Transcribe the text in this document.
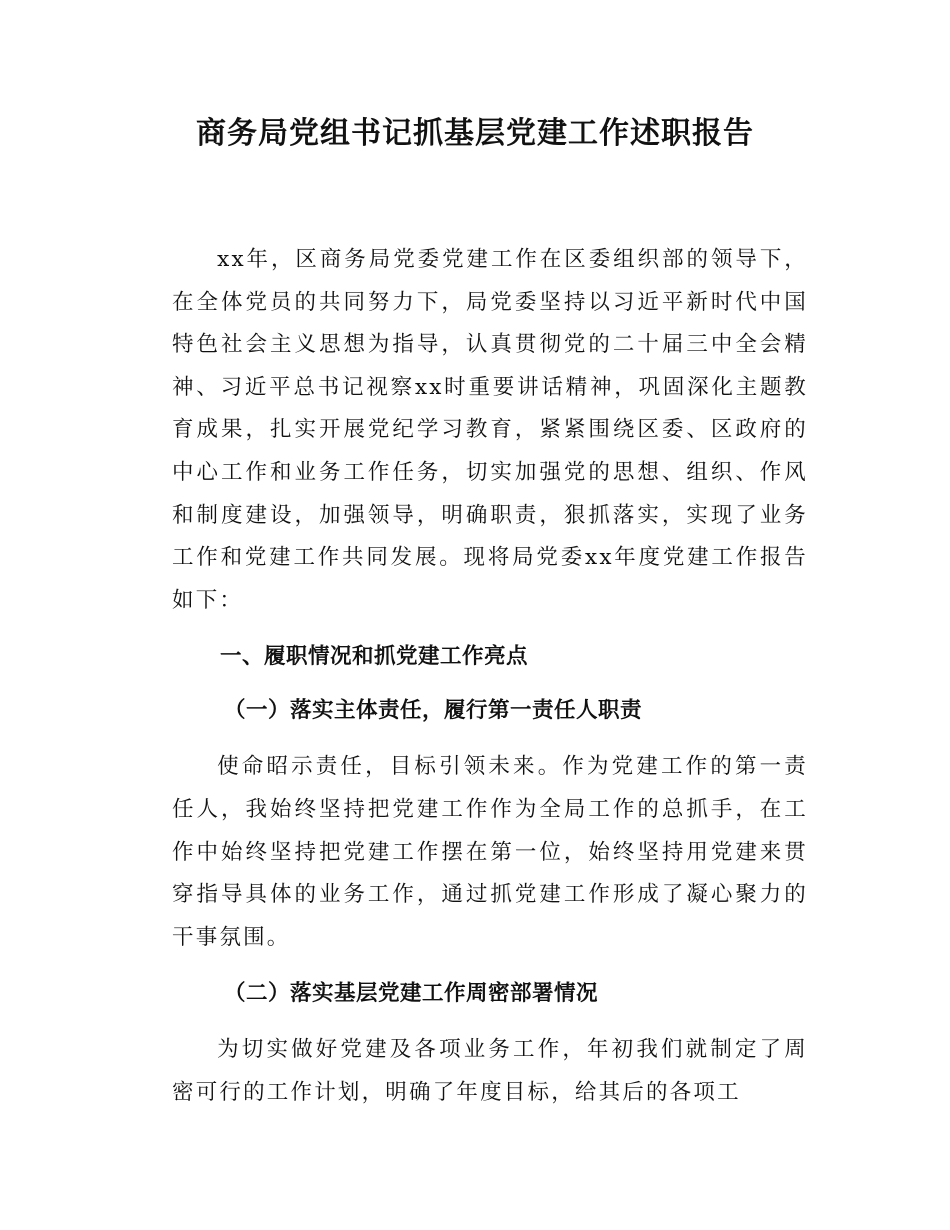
商务局党组书记抓基层党建工作述职报告

xx年，区商务局党委党建工作在区委组织部的领导下，在全体党员的共同努力下，局党委坚持以习近平新时代中国特色社会主义思想为指导，认真贯彻党的二十届三中全会精神、习近平总书记视察xx时重要讲话精神，巩固深化主题教育成果，扎实开展党纪学习教育，紧紧围绕区委、区政府的中心工作和业务工作任务，切实加强党的思想、组织、作风和制度建设，加强领导，明确职责，狠抓落实，实现了业务工作和党建工作共同发展。现将局党委xx年度党建工作报告如下：

一、履职情况和抓党建工作亮点
（一）落实主体责任，履行第一责任人职责

使命昭示责任，目标引领未来。作为党建工作的第一责任人，我始终坚持把党建工作作为全局工作的总抓手，在工作中始终坚持把党建工作摆在第一位，始终坚持用党建来贯穿指导具体的业务工作，通过抓党建工作形成了凝心聚力的干事氛围。

（二）落实基层党建工作周密部署情况

为切实做好党建及各项业务工作，年初我们就制定了周密可行的工作计划，明确了年度目标，给其后的各项工
